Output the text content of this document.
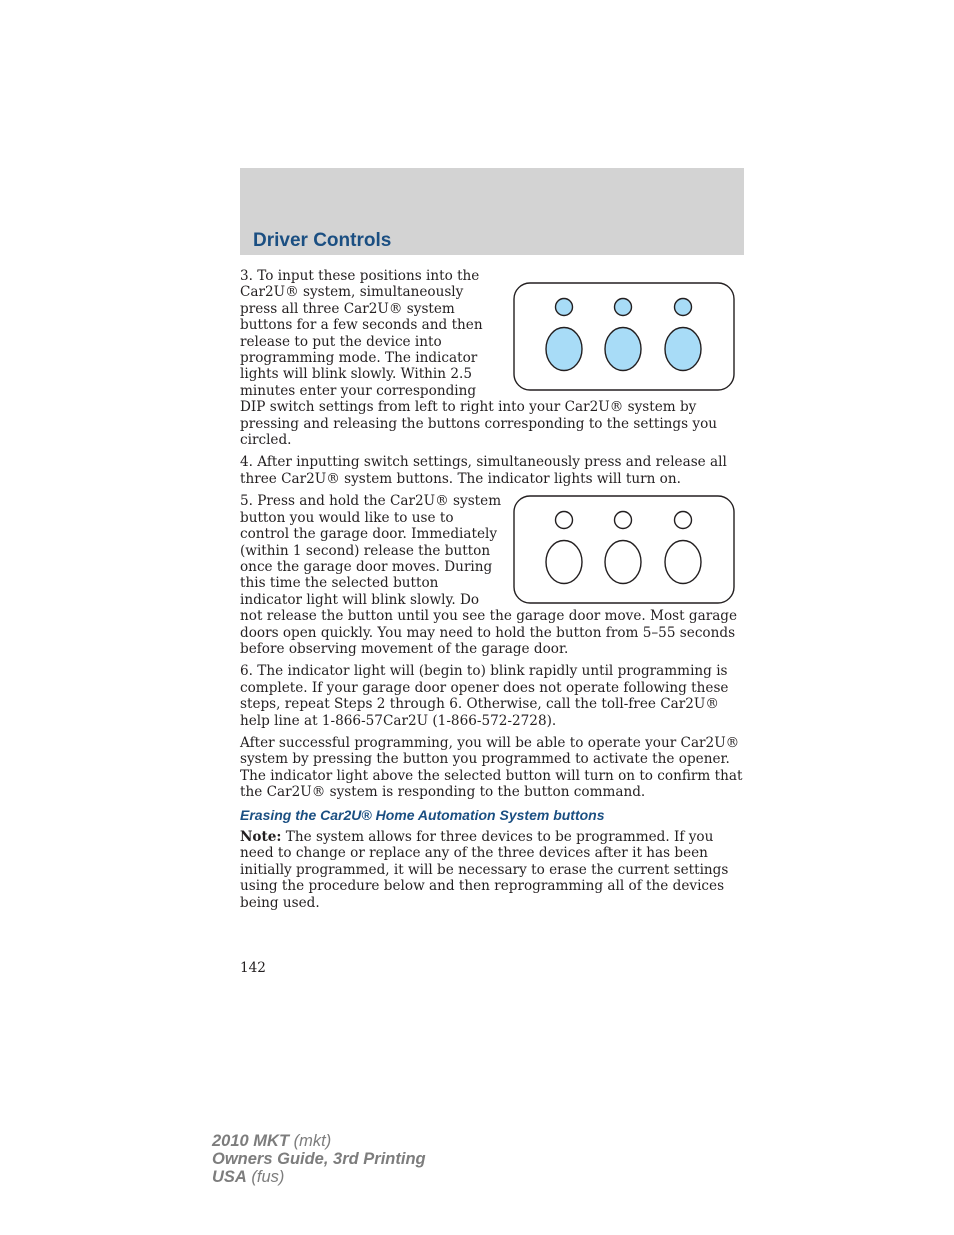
Driver Controls

3. To input these positions into the Car2U® system, simultaneously press all three Car2U® system buttons for a few seconds and then release to put the device into programming mode. The indicator lights will blink slowly. Within 2.5 minutes enter your corresponding DIP switch settings from left to right into your Car2U® system by pressing and releasing the buttons corresponding to the settings you circled.

4. After inputting switch settings, simultaneously press and release all three Car2U® system buttons. The indicator lights will turn on.

5. Press and hold the Car2U® system button you would like to use to control the garage door. Immediately (within 1 second) release the button once the garage door moves. During this time the selected button indicator light will blink slowly. Do not release the button until you see the garage door move. Most garage doors open quickly. You may need to hold the button from 5–55 seconds before observing movement of the garage door.

6. The indicator light will (begin to) blink rapidly until programming is complete. If your garage door opener does not operate following these steps, repeat Steps 2 through 6. Otherwise, call the toll-free Car2U® help line at 1-866-57Car2U (1-866-572-2728).

After successful programming, you will be able to operate your Car2U® system by pressing the button you programmed to activate the opener. The indicator light above the selected button will turn on to confirm that the Car2U® system is responding to the button command.

Erasing the Car2U® Home Automation System buttons

Note: The system allows for three devices to be programmed. If you need to change or replace any of the three devices after it has been initially programmed, it will be necessary to erase the current settings using the procedure below and then reprogramming all of the devices being used.

142
2010 MKT (mkt)
Owners Guide, 3rd Printing
USA (fus)
